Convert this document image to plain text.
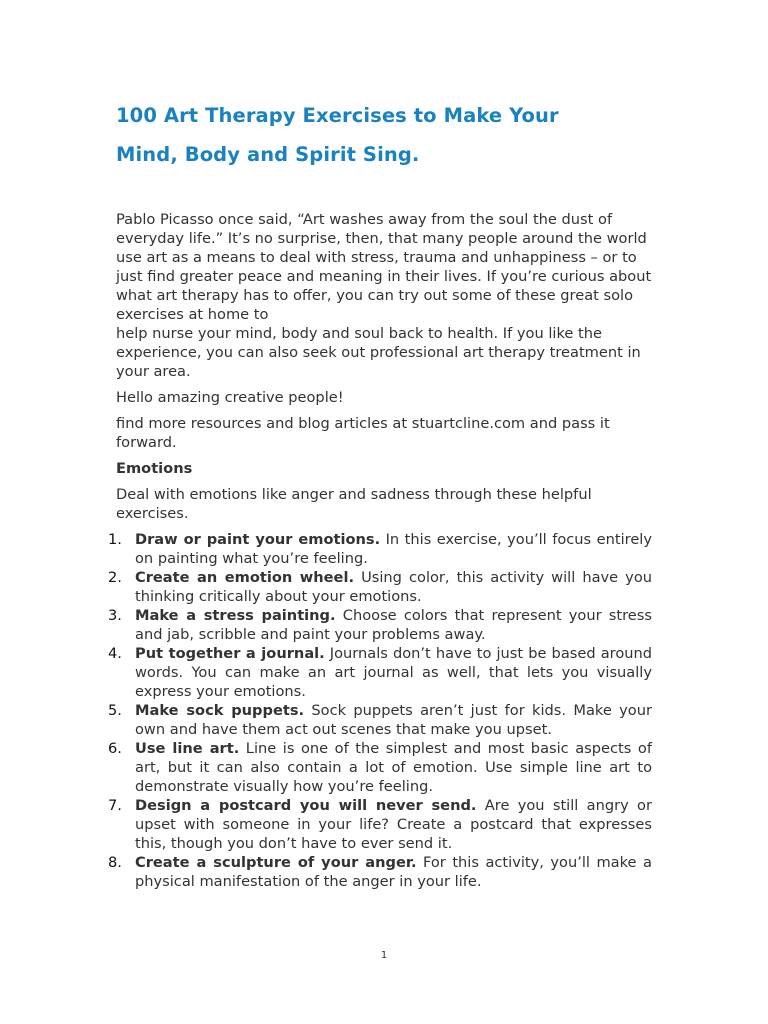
100 Art Therapy Exercises to Make Your
Mind, Body and Spirit Sing.

Pablo Picasso once said, “Art washes away from the soul the dust of everyday life.” It’s no surprise, then, that many people around the world use art as a means to deal with stress, trauma and unhappiness – or to just find greater peace and meaning in their lives. If you’re curious about what art therapy has to offer, you can try out some of these great solo exercises at home to

help nurse your mind, body and soul back to health. If you like the experience, you can also seek out professional art therapy treatment in your area.

Hello amazing creative people!

find more resources and blog articles at stuartcline.com and pass it forward.

Emotions

Deal with emotions like anger and sadness through these helpful exercises.

1. Draw or paint your emotions. In this exercise, you’ll focus entirely on painting what you’re feeling.
2. Create an emotion wheel. Using color, this activity will have you thinking critically about your emotions.
3. Make a stress painting. Choose colors that represent your stress and jab, scribble and paint your problems away.
4. Put together a journal. Journals don’t have to just be based around words. You can make an art journal as well, that lets you visually express your emotions.
5. Make sock puppets. Sock puppets aren’t just for kids. Make your own and have them act out scenes that make you upset.
6. Use line art. Line is one of the simplest and most basic aspects of art, but it can also contain a lot of emotion. Use simple line art to demonstrate visually how you’re feeling.
7. Design a postcard you will never send. Are you still angry or upset with someone in your life? Create a postcard that expresses this, though you don’t have to ever send it.
8. Create a sculpture of your anger. For this activity, you’ll make a physical manifestation of the anger in your life.
1
